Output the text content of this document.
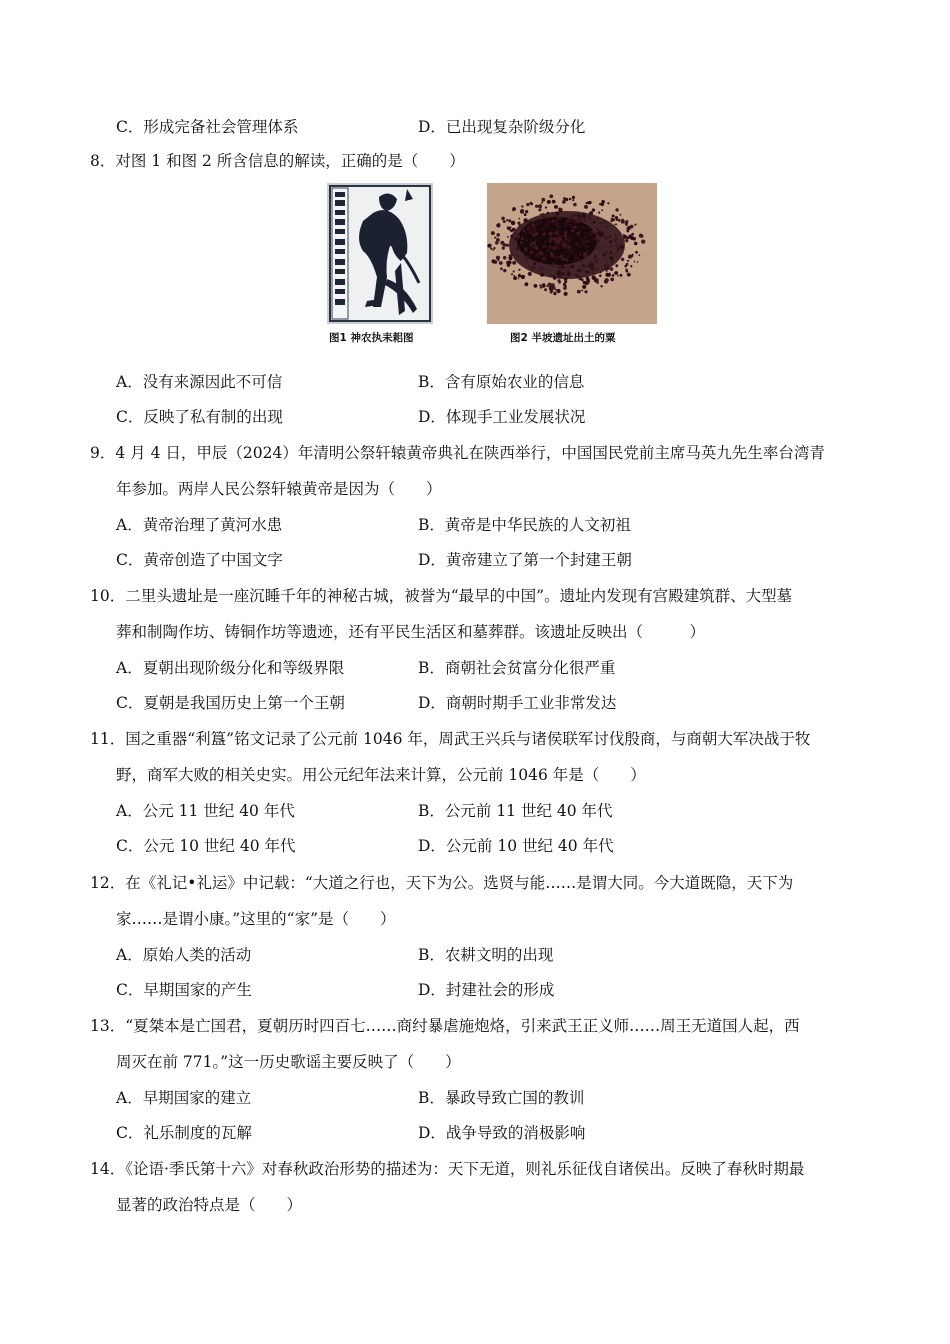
C．形成完备社会管理体系	D．已出现复杂阶级分化
8．对图 1 和图 2 所含信息的解读，正确的是（　　）
图1 神农执耒耜图	图2 半坡遗址出土的粟
A．没有来源因此不可信	B．含有原始农业的信息
C．反映了私有制的出现	D．体现手工业发展状况
9．4 月 4 日，甲辰（2024）年清明公祭轩辕黄帝典礼在陕西举行，中国国民党前主席马英九先生率台湾青
年参加。两岸人民公祭轩辕黄帝是因为（　　）
A．黄帝治理了黄河水患	B．黄帝是中华民族的人文初祖
C．黄帝创造了中国文字	D．黄帝建立了第一个封建王朝
10．二里头遗址是一座沉睡千年的神秘古城，被誉为“最早的中国”。遗址内发现有宫殿建筑群、大型墓
葬和制陶作坊、铸铜作坊等遗迹，还有平民生活区和墓葬群。该遗址反映出（　　　）
A．夏朝出现阶级分化和等级界限	B．商朝社会贫富分化很严重
C．夏朝是我国历史上第一个王朝	D．商朝时期手工业非常发达
11．国之重器“利簋”铭文记录了公元前 1046 年，周武王兴兵与诸侯联军讨伐殷商，与商朝大军决战于牧
野，商军大败的相关史实。用公元纪年法来计算，公元前 1046 年是（　　）
A．公元 11 世纪 40 年代	B．公元前 11 世纪 40 年代
C．公元 10 世纪 40 年代	D．公元前 10 世纪 40 年代
12．在《礼记•礼运》中记载：“大道之行也，天下为公。选贤与能……是谓大同。今大道既隐，天下为
家……是谓小康。”这里的“家”是（　　）
A．原始人类的活动	B．农耕文明的出现
C．早期国家的产生	D．封建社会的形成
13．“夏桀本是亡国君，夏朝历时四百七……商纣暴虐施炮烙，引来武王正义师……周王无道国人起，西
周灭在前 771。”这一历史歌谣主要反映了（　　）
A．早期国家的建立	B．暴政导致亡国的教训
C．礼乐制度的瓦解	D．战争导致的消极影响
14．《论语·季氏第十六》对春秋政治形势的描述为：天下无道，则礼乐征伐自诸侯出。反映了春秋时期最
显著的政治特点是（　　）
